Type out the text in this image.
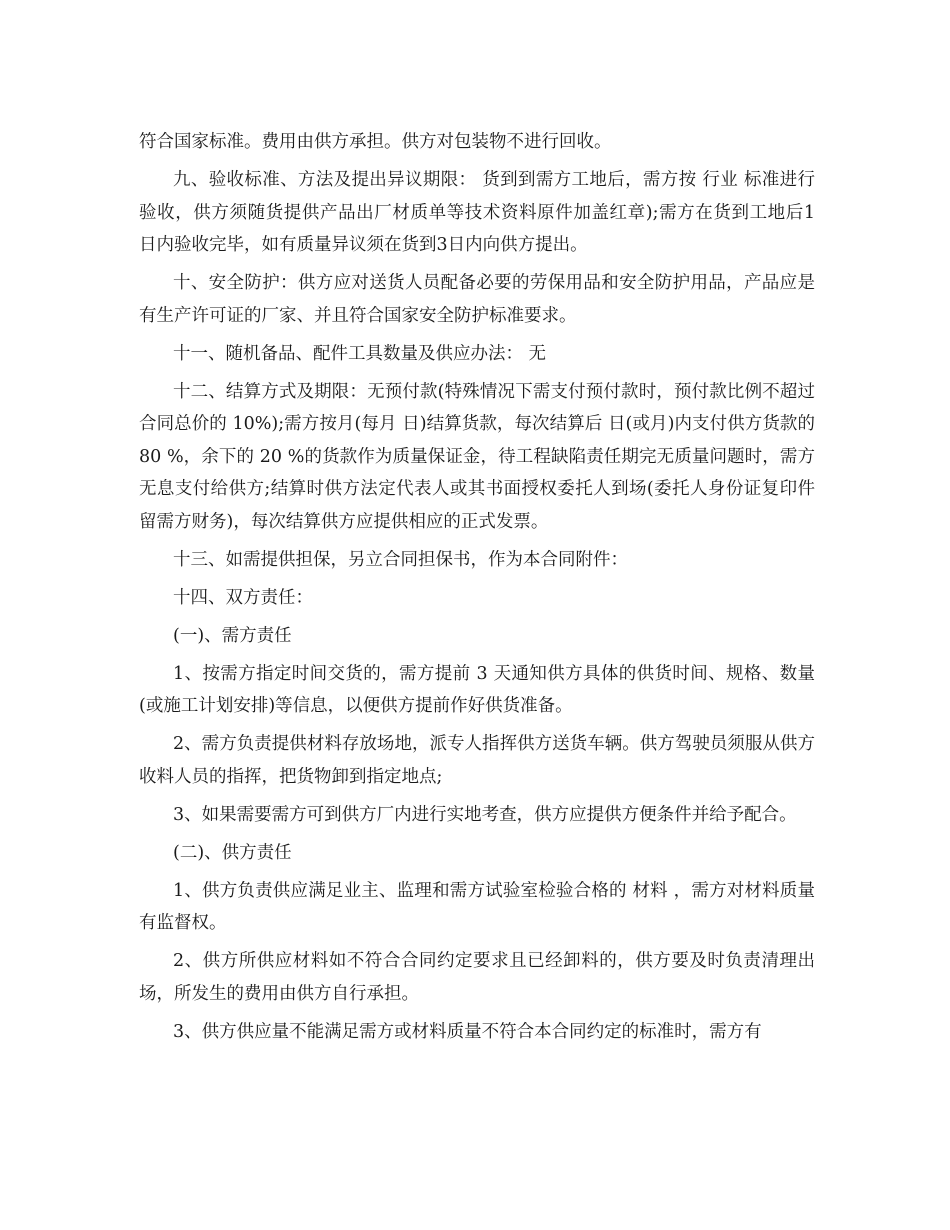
符合国家标准。费用由供方承担。供方对包装物不进行回收。

九、验收标准、方法及提出异议期限： 货到到需方工地后，需方按 行业 标准进行验收，供方须随货提供产品出厂材质单等技术资料原件加盖红章);需方在货到工地后1 日内验收完毕，如有质量异议须在货到3日内向供方提出。

十、安全防护：供方应对送货人员配备必要的劳保用品和安全防护用品，产品应是有生产许可证的厂家、并且符合国家安全防护标准要求。

十一、随机备品、配件工具数量及供应办法： 无

十二、结算方式及期限：无预付款(特殊情况下需支付预付款时，预付款比例不超过合同总价的 10%);需方按月(每月 日)结算货款，每次结算后 日(或月)内支付供方货款的 80 %，余下的 20 %的货款作为质量保证金，待工程缺陷责任期完无质量问题时，需方无息支付给供方;结算时供方法定代表人或其书面授权委托人到场(委托人身份证复印件留需方财务)，每次结算供方应提供相应的正式发票。

十三、如需提供担保，另立合同担保书，作为本合同附件：

十四、双方责任：

(一)、需方责任

1、按需方指定时间交货的，需方提前 3 天通知供方具体的供货时间、规格、数量(或施工计划安排)等信息，以便供方提前作好供货准备。

2、需方负责提供材料存放场地，派专人指挥供方送货车辆。供方驾驶员须服从供方收料人员的指挥，把货物卸到指定地点;

3、如果需要需方可到供方厂内进行实地考查，供方应提供方便条件并给予配合。

(二)、供方责任

1、供方负责供应满足业主、监理和需方试验室检验合格的 材料 ，需方对材料质量有监督权。

2、供方所供应材料如不符合合同约定要求且已经卸料的，供方要及时负责清理出场，所发生的费用由供方自行承担。

3、供方供应量不能满足需方或材料质量不符合本合同约定的标准时，需方有
